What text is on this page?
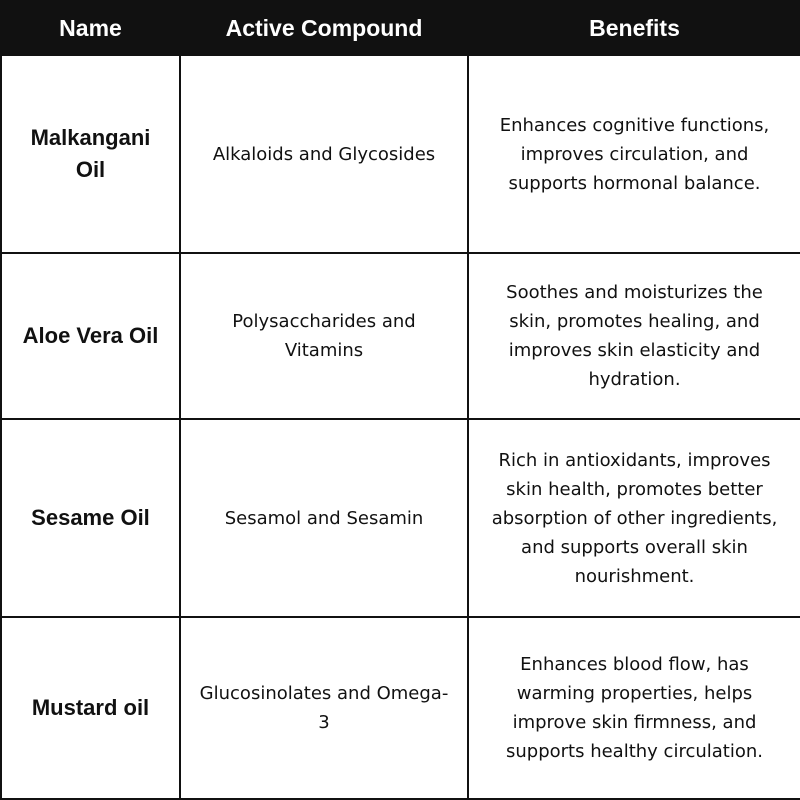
Name	Active Compound	Benefits
Malkangani Oil	Alkaloids and Glycosides	Enhances cognitive functions, improves circulation, and supports hormonal balance.
Aloe Vera Oil	Polysaccharides and Vitamins	Soothes and moisturizes the skin, promotes healing, and improves skin elasticity and hydration.
Sesame Oil	Sesamol and Sesamin	Rich in antioxidants, improves skin health, promotes better absorption of other ingredients, and supports overall skin nourishment.
Mustard oil	Glucosinolates and Omega-3	Enhances blood flow, has warming properties, helps improve skin firmness, and supports healthy circulation.
